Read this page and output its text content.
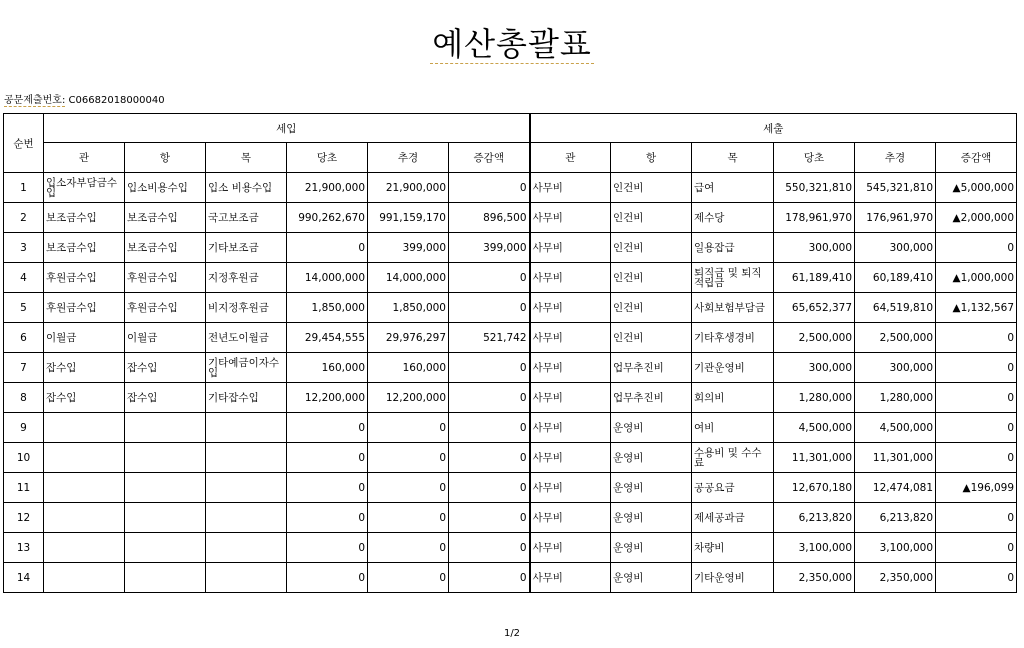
예산총괄표
공문제출번호: C06682018000040
순번	세입						세출					
	관	항	목	당초	추경	증감액	관	항	목	당초	추경	증감액
1	입소자부담금수입	입소비용수입	입소 비용수입	21,900,000	21,900,000	0	사무비	인건비	급여	550,321,810	545,321,810	▲5,000,000
2	보조금수입	보조금수입	국고보조금	990,262,670	991,159,170	896,500	사무비	인건비	제수당	178,961,970	176,961,970	▲2,000,000
3	보조금수입	보조금수입	기타보조금	0	399,000	399,000	사무비	인건비	일용잡급	300,000	300,000	0
4	후원금수입	후원금수입	지정후원금	14,000,000	14,000,000	0	사무비	인건비	퇴직금 및 퇴직적립금	61,189,410	60,189,410	▲1,000,000
5	후원금수입	후원금수입	비지정후원금	1,850,000	1,850,000	0	사무비	인건비	사회보험부담금	65,652,377	64,519,810	▲1,132,567
6	이월금	이월금	전년도이월금	29,454,555	29,976,297	521,742	사무비	인건비	기타후생경비	2,500,000	2,500,000	0
7	잡수입	잡수입	기타예금이자수입	160,000	160,000	0	사무비	업무추진비	기관운영비	300,000	300,000	0
8	잡수입	잡수입	기타잡수입	12,200,000	12,200,000	0	사무비	업무추진비	회의비	1,280,000	1,280,000	0
9				0	0	0	사무비	운영비	여비	4,500,000	4,500,000	0
10				0	0	0	사무비	운영비	수용비 및 수수료	11,301,000	11,301,000	0
11				0	0	0	사무비	운영비	공공요금	12,670,180	12,474,081	▲196,099
12				0	0	0	사무비	운영비	제세공과금	6,213,820	6,213,820	0
13				0	0	0	사무비	운영비	차량비	3,100,000	3,100,000	0
14				0	0	0	사무비	운영비	기타운영비	2,350,000	2,350,000	0
1/2
